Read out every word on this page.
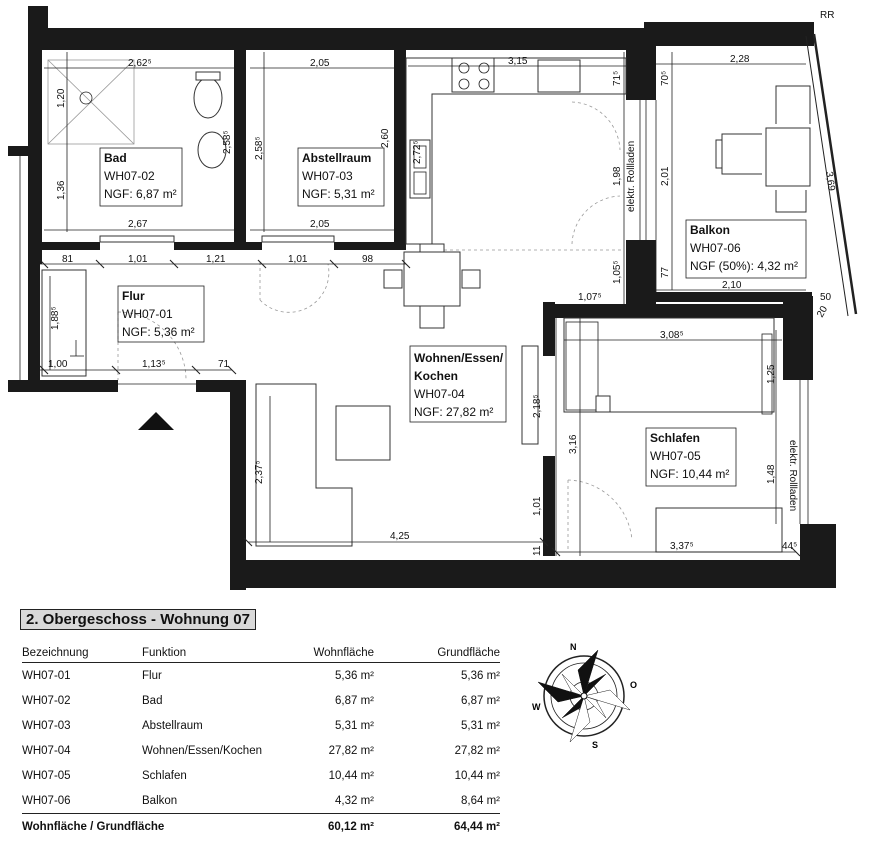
2,62⁵	2,05	3,15	2,28
RR
2,67	2,05
81	1,01	1,21	1,01	98
1,00	1,13⁵	71
4,25
1,07⁵
2,10
50
3,08⁵
3,37⁵	44⁵
1,20
1,36
2,58⁵ 2,58⁵	2,60
2,72⁵
71⁵
1,98
1,05⁵
elektr. Rollladen
70⁵
2,01
77
3,69
20
1,88⁵
2,37⁵
2,18⁵
1,01
11
3,16
1,25
1,48 elektr. Rollladen
Bad
WH07-02
NGF: 6,87 m²
Abstellraum
WH07-03
NGF: 5,31 m²
Flur
WH07-01
NGF: 5,36 m²
Wohnen/Essen/
Kochen
WH07-04
NGF: 27,82 m²
Schlafen
WH07-05
NGF: 10,44 m²
Balkon
WH07-06
NGF (50%): 4,32 m²
2. Obergeschoss - Wohnung 07
Bezeichnung	Funktion	Wohnfläche	Grundfläche
WH07-01	Flur	5,36 m²	5,36 m²
WH07-02	Bad	6,87 m²	6,87 m²
WH07-03	Abstellraum	5,31 m²	5,31 m²
WH07-04	Wohnen/Essen/Kochen	27,82 m²	27,82 m²
WH07-05	Schlafen	10,44 m²	10,44 m²
WH07-06	Balkon	4,32 m²	8,64 m²
Wohnfläche / Grundfläche		60,12 m²	64,44 m²
N
O
S
W
